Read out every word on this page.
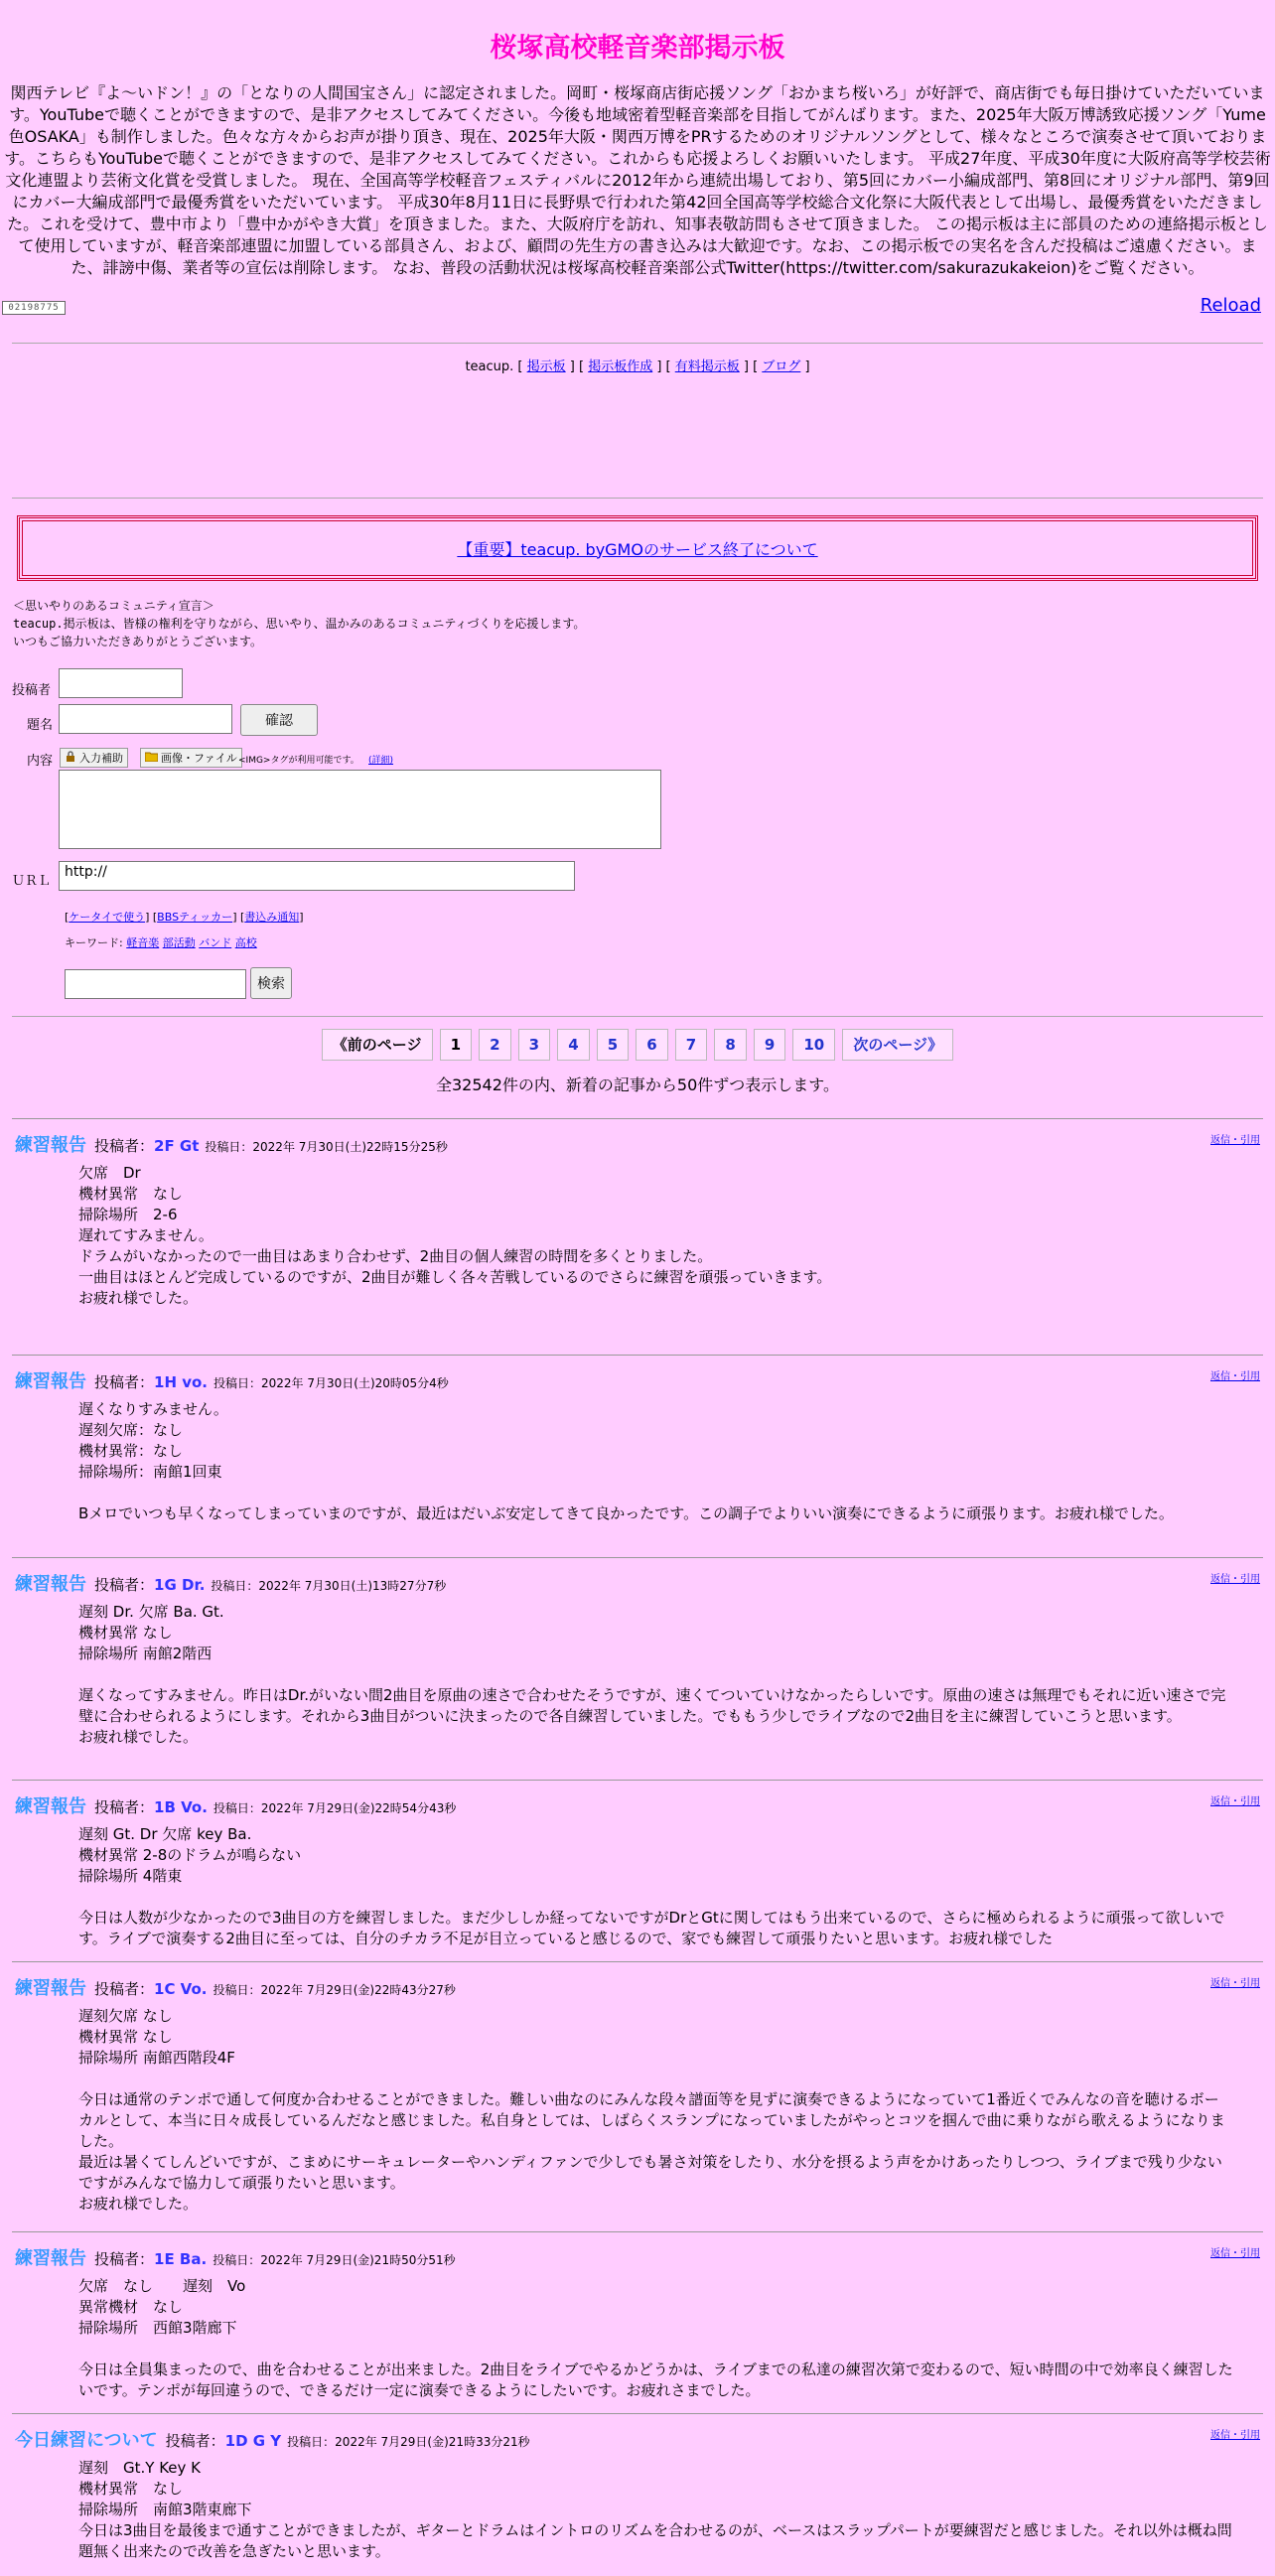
桜塚高校軽音楽部掲示板

関西テレビ『よ～いドン！』の「となりの人間国宝さん」に認定されました。岡町・桜塚商店街応援ソング「おかまち桜いろ」が好評で、商店街でも毎日掛けていただいています。YouTubeで聴くことができますので、是非アクセスしてみてください。今後も地域密着型軽音楽部を目指してがんばります。また、2025年大阪万博誘致応援ソング「Yume色OSAKA」も制作しました。色々な方々からお声が掛り頂き、現在、2025年大阪・関西万博をPRするためのオリジナルソングとして、様々なところで演奏させて頂いております。こちらもYouTubeで聴くことができますので、是非アクセスしてみてください。これからも応援よろしくお願いいたします。 平成27年度、平成30年度に大阪府高等学校芸術文化連盟より芸術文化賞を受賞しました。 現在、全国高等学校軽音フェスティバルに2012年から連続出場しており、第5回にカバー小編成部門、第8回にオリジナル部門、第9回にカバー大編成部門で最優秀賞をいただいています。 平成30年8月11日に長野県で行われた第42回全国高等学校総合文化祭に大阪代表として出場し、最優秀賞をいただきました。これを受けて、豊中市より「豊中かがやき大賞」を頂きました。また、大阪府庁を訪れ、知事表敬訪問もさせて頂きました。 この掲示板は主に部員のための連絡掲示板として使用していますが、軽音楽部連盟に加盟している部員さん、および、顧問の先生方の書き込みは大歓迎です。なお、この掲示板での実名を含んだ投稿はご遠慮ください。また、誹謗中傷、業者等の宣伝は削除します。 なお、普段の活動状況は桜塚高校軽音楽部公式Twitter(https://twitter.com/sakurazukakeion)をご覧ください。

02198775	Reload
teacup. [ 掲示板 ] [ 掲示板作成 ] [ 有料掲示板 ] [ ブログ ]
【重要】teacup. byGMOのサービス終了について
＜思いやりのあるコミュニティ宣言＞
teacup.掲示板は、皆様の権利を守りながら、思いやり、温かみのあるコミュニティづくりを応援します。
いつもご協力いただきありがとうございます。
投稿者
題名	確認
内容 入力補助	画像・ファイル <IMG>タグが利用可能です。 (詳細)
ＵＲＬ
http://
[ケータイで使う] [BBSティッカー] [書込み通知]
キーワード: 軽音楽 部活動 バンド 高校
検索
《前のページ 1 2 3 4 5 6 7 8 9 10 次のページ》
全32542件の内、新着の記事から50件ずつ表示します。
練習報告 投稿者：2F Gt 投稿日：2022年 7月30日(土)22時15分25秒	返信・引用
欠席　Dr
機材異常　なし
掃除場所　2-6
遅れてすみません。
ドラムがいなかったので一曲目はあまり合わせず、2曲目の個人練習の時間を多くとりました。
一曲目はほとんど完成しているのですが、2曲目が難しく各々苦戦しているのでさらに練習を頑張っていきます。
お疲れ様でした。
練習報告 投稿者：1H vo. 投稿日：2022年 7月30日(土)20時05分4秒	返信・引用
遅くなりすみません。
遅刻欠席：なし
機材異常：なし
掃除場所：南館1回東
Bメロでいつも早くなってしまっていまのですが、最近はだいぶ安定してきて良かったです。この調子でよりいい演奏にできるように頑張ります。お疲れ様でした。
練習報告 投稿者：1G Dr. 投稿日：2022年 7月30日(土)13時27分7秒	返信・引用
遅刻 Dr. 欠席 Ba. Gt.
機材異常 なし
掃除場所 南館2階西
遅くなってすみません。昨日はDr.がいない間2曲目を原曲の速さで合わせたそうですが、速くてついていけなかったらしいです。原曲の速さは無理でもそれに近い速さで完璧に合わせられるようにします。それから3曲目がついに決まったので各自練習していました。でももう少しでライブなので2曲目を主に練習していこうと思います。
お疲れ様でした。
練習報告 投稿者：1B Vo. 投稿日：2022年 7月29日(金)22時54分43秒	返信・引用
遅刻 Gt. Dr 欠席 key Ba.
機材異常 2-8のドラムが鳴らない
掃除場所 4階東
今日は人数が少なかったので3曲目の方を練習しました。まだ少ししか経ってないですがDrとGtに関してはもう出来ているので、さらに極められるように頑張って欲しいです。ライブで演奏する2曲目に至っては、自分のチカラ不足が目立っていると感じるので、家でも練習して頑張りたいと思います。お疲れ様でした
練習報告 投稿者：1C Vo. 投稿日：2022年 7月29日(金)22時43分27秒	返信・引用
遅刻欠席 なし
機材異常 なし
掃除場所 南館西階段4F
今日は通常のテンポで通して何度か合わせることができました。難しい曲なのにみんな段々譜面等を見ずに演奏できるようになっていて1番近くでみんなの音を聴けるボーカルとして、本当に日々成長しているんだなと感じました。私自身としては、しばらくスランプになっていましたがやっとコツを掴んで曲に乗りながら歌えるようになりました。
最近は暑くてしんどいですが、こまめにサーキュレーターやハンディファンで少しでも暑さ対策をしたり、水分を摂るよう声をかけあったりしつつ、ライブまで残り少ないですがみんなで協力して頑張りたいと思います。
お疲れ様でした。
練習報告 投稿者：1E Ba. 投稿日：2022年 7月29日(金)21時50分51秒	返信・引用
欠席　なし　　遅刻　Vo
異常機材　なし
掃除場所　西館3階廊下
今日は全員集まったので、曲を合わせることが出来ました。2曲目をライブでやるかどうかは、ライブまでの私達の練習次第で変わるので、短い時間の中で効率良く練習したいです。テンポが毎回違うので、できるだけ一定に演奏できるようにしたいです。お疲れさまでした。
今日練習について 投稿者：1D G Y 投稿日：2022年 7月29日(金)21時33分21秒	返信・引用
遅刻　Gt.Y Key K
機材異常　なし
掃除場所　南館3階東廊下
今日は3曲目を最後まで通すことができましたが、ギターとドラムはイントロのリズムを合わせるのが、ベースはスラップパートが要練習だと感じました。それ以外は概ね問題無く出来たので改善を急ぎたいと思います。
